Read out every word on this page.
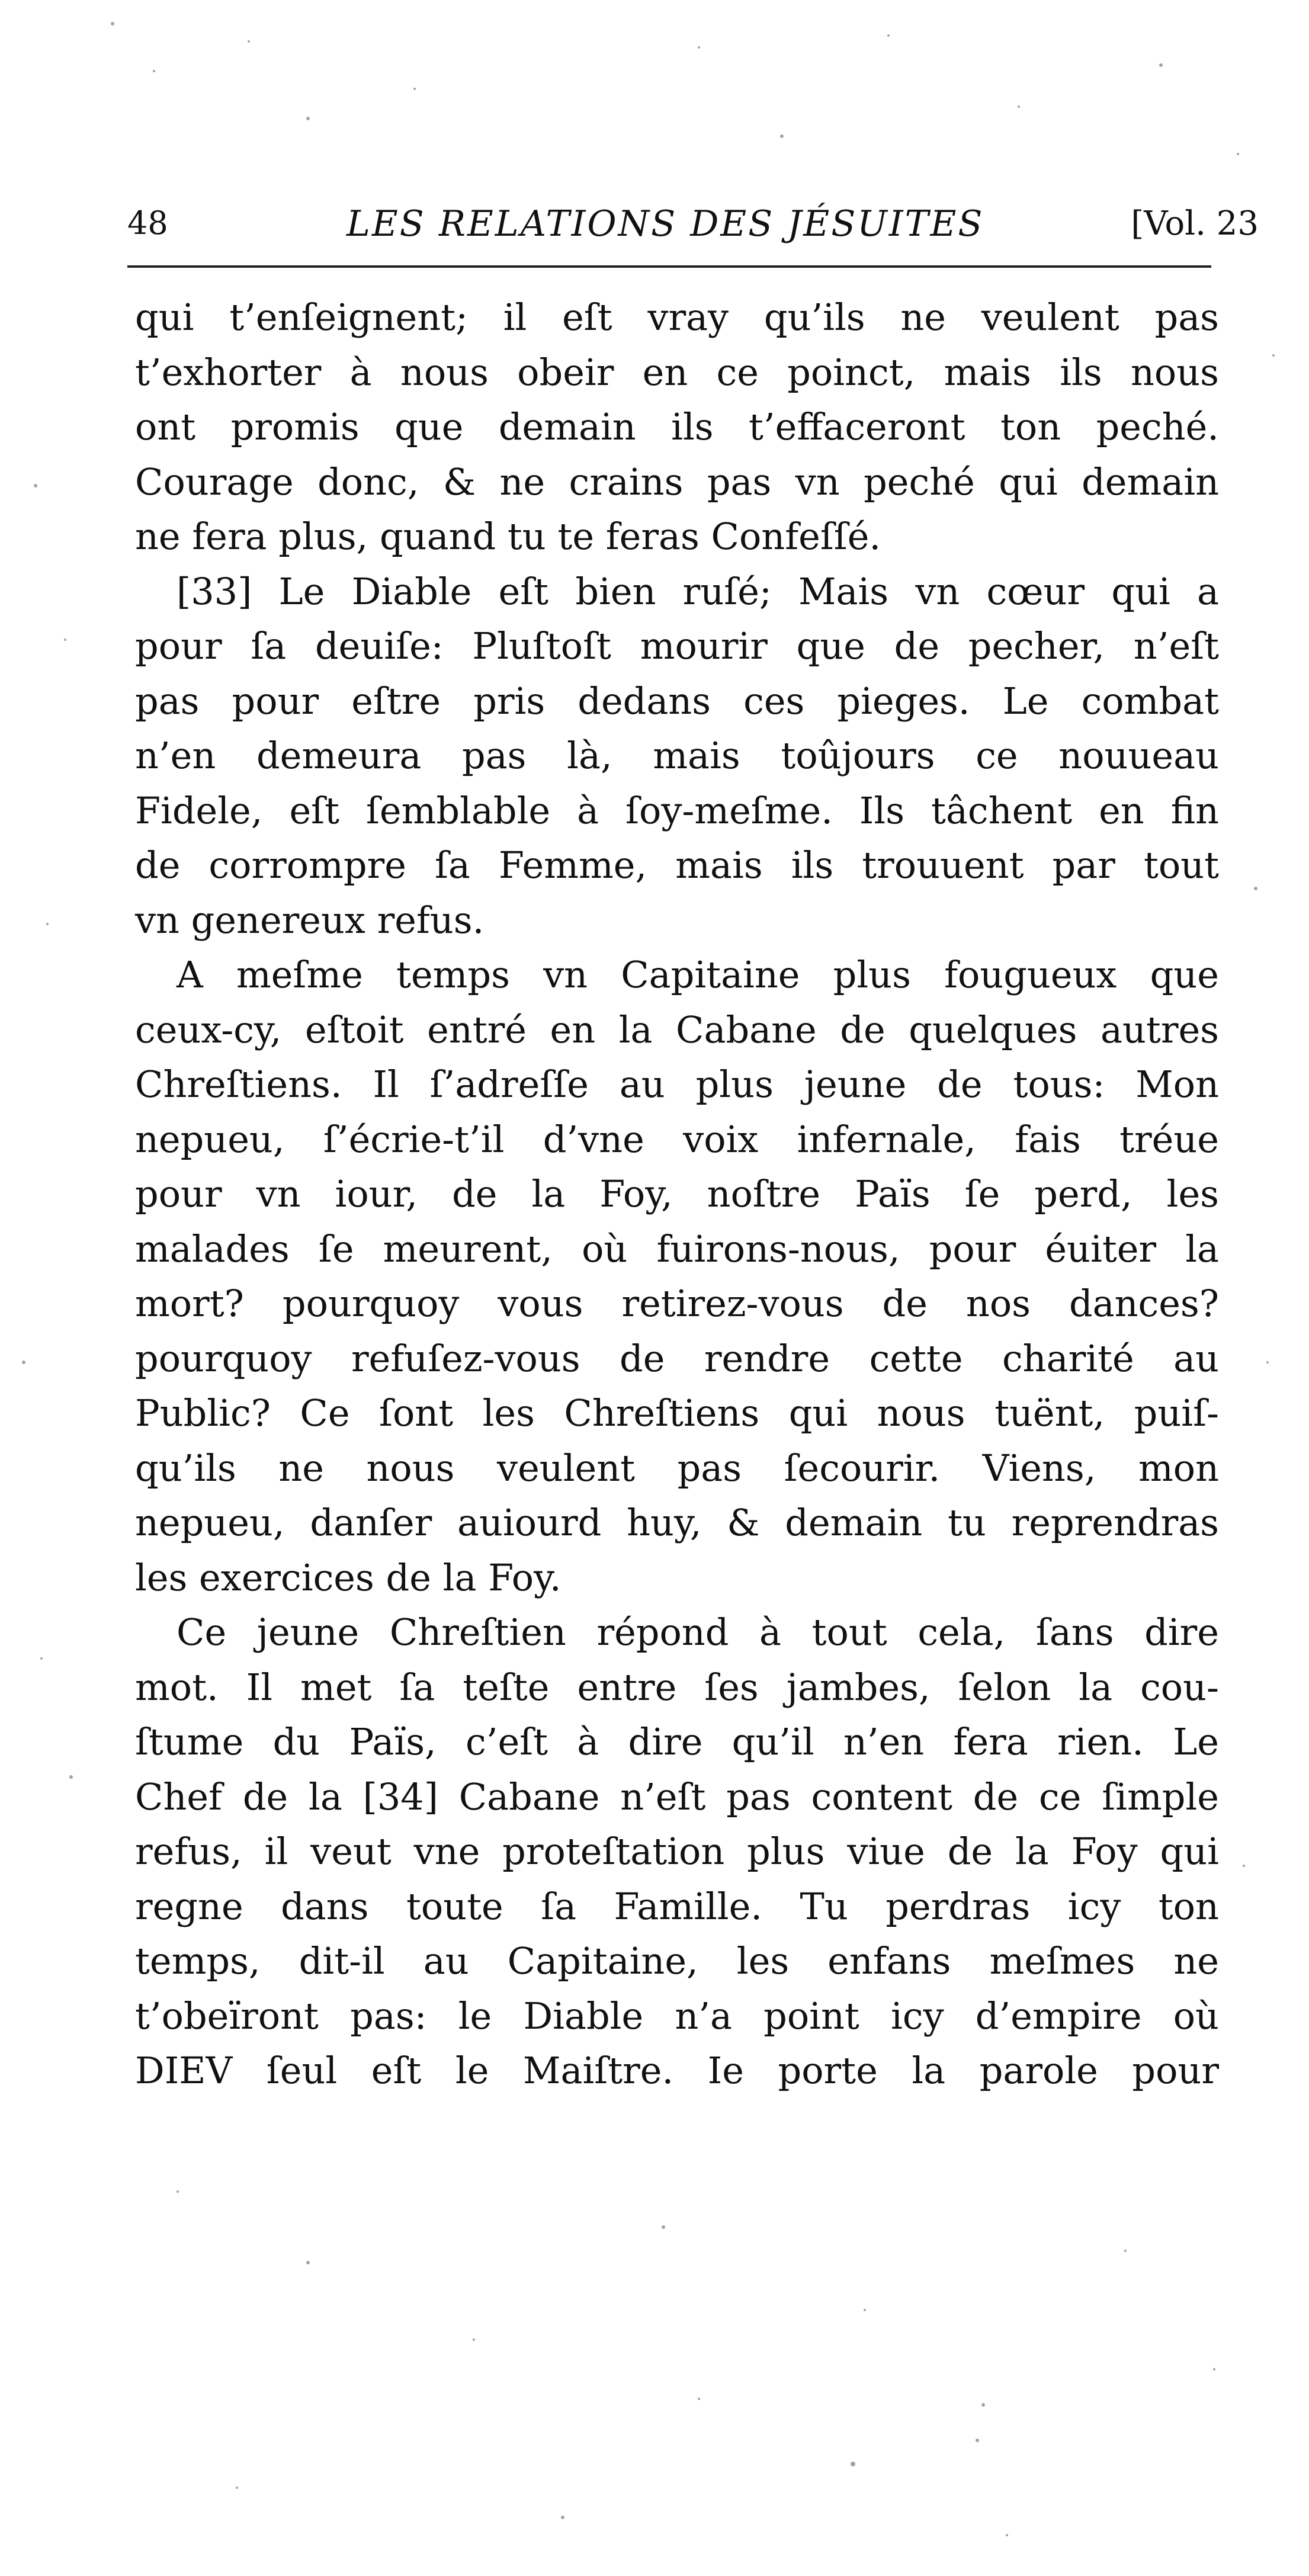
48	LES RELATIONS DES JÉSUITES	[Vol. 23
qui t’enſeignent; il eſt vray qu’ils ne veulent pas
t’exhorter à nous obeir en ce poinct, mais ils nous
ont promis que demain ils t’effaceront ton peché.
Courage donc, & ne crains pas vn peché qui demain
ne fera plus, quand tu te feras Confeſſé.
[33] Le Diable eſt bien ruſé; Mais vn cœur qui a
pour ſa deuiſe: Pluſtoſt mourir que de pecher, n’eſt
pas pour eſtre pris dedans ces pieges. Le combat
n’en demeura pas là, mais toûjours ce nouueau
Fidele, eſt ſemblable à ſoy-meſme. Ils tâchent en fin
de corrompre ſa Femme, mais ils trouuent par tout
vn genereux refus.
A meſme temps vn Capitaine plus fougueux que
ceux-cy, eſtoit entré en la Cabane de quelques autres
Chreſtiens. Il ſ’adreſſe au plus jeune de tous: Mon
nepueu, ſ’écrie-t’il d’vne voix infernale, fais tréue
pour vn iour, de la Foy, noſtre Païs ſe perd, les
malades ſe meurent, où fuirons-nous, pour éuiter la
mort? pourquoy vous retirez-vous de nos dances?
pourquoy refuſez-vous de rendre cette charité au
Public? Ce ſont les Chreſtiens qui nous tuënt, puiſ-
qu’ils ne nous veulent pas ſecourir. Viens, mon
nepueu, danſer auiourd huy, & demain tu reprendras
les exercices de la Foy.
Ce jeune Chreſtien répond à tout cela, ſans dire
mot. Il met ſa teſte entre ſes jambes, ſelon la cou-
ſtume du Païs, c’eſt à dire qu’il n’en fera rien. Le
Chef de la [34] Cabane n’eſt pas content de ce ſimple
refus, il veut vne proteſtation plus viue de la Foy qui
regne dans toute ſa Famille. Tu perdras icy ton
temps, dit-il au Capitaine, les enfans meſmes ne
t’obeïront pas: le Diable n’a point icy d’empire où
DIEV ſeul eſt le Maiſtre. Ie porte la parole pour
